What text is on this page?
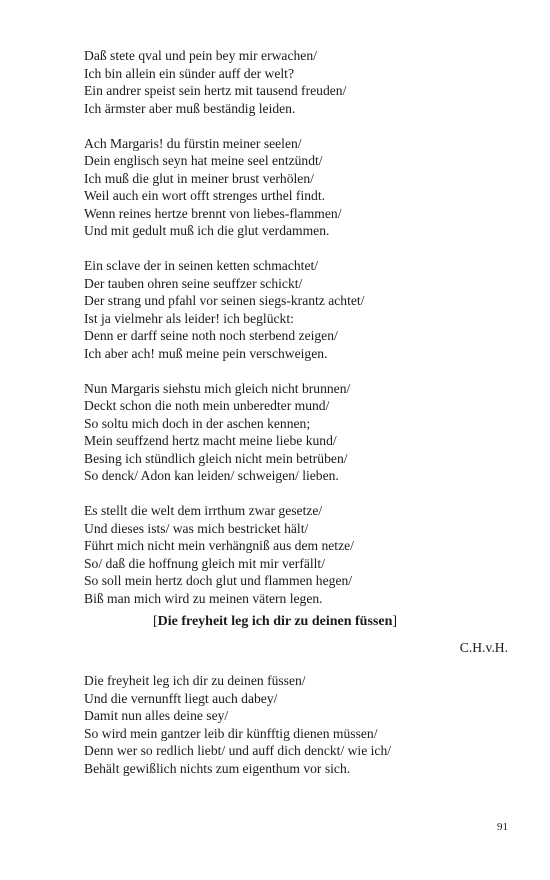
Daß stete qval und pein bey mir erwachen/
Ich bin allein ein sünder auff der welt?
Ein andrer speist sein hertz mit tausend freuden/
Ich ärmster aber muß beständig leiden.
Ach Margaris! du fürstin meiner seelen/
Dein englisch seyn hat meine seel entzündt/
Ich muß die glut in meiner brust verhölen/
Weil auch ein wort offt strenges urthel findt.
Wenn reines hertze brennt von liebes-flammen/
Und mit gedult muß ich die glut verdammen.
Ein sclave der in seinen ketten schmachtet/
Der tauben ohren seine seuffzer schickt/
Der strang und pfahl vor seinen siegs-krantz achtet/
Ist ja vielmehr als leider! ich beglückt:
Denn er darff seine noth noch sterbend zeigen/
Ich aber ach! muß meine pein verschweigen.
Nun Margaris siehstu mich gleich nicht brunnen/
Deckt schon die noth mein unberedter mund/
So soltu mich doch in der aschen kennen;
Mein seuffzend hertz macht meine liebe kund/
Besing ich stündlich gleich nicht mein betrüben/
So denck/ Adon kan leiden/ schweigen/ lieben.
Es stellt die welt dem irrthum zwar gesetze/
Und dieses ists/ was mich bestricket hält/
Führt mich nicht mein verhängniß aus dem netze/
So/ daß die hoffnung gleich mit mir verfällt/
So soll mein hertz doch glut und flammen hegen/
Biß man mich wird zu meinen vätern legen.
[Die freyheit leg ich dir zu deinen füssen]
C.H.v.H.
Die freyheit leg ich dir zu deinen füssen/
Und die vernunfft liegt auch dabey/
Damit nun alles deine sey/
So wird mein gantzer leib dir künfftig dienen müssen/
Denn wer so redlich liebt/ und auff dich denckt/ wie ich/
Behält gewißlich nichts zum eigenthum vor sich.
91
